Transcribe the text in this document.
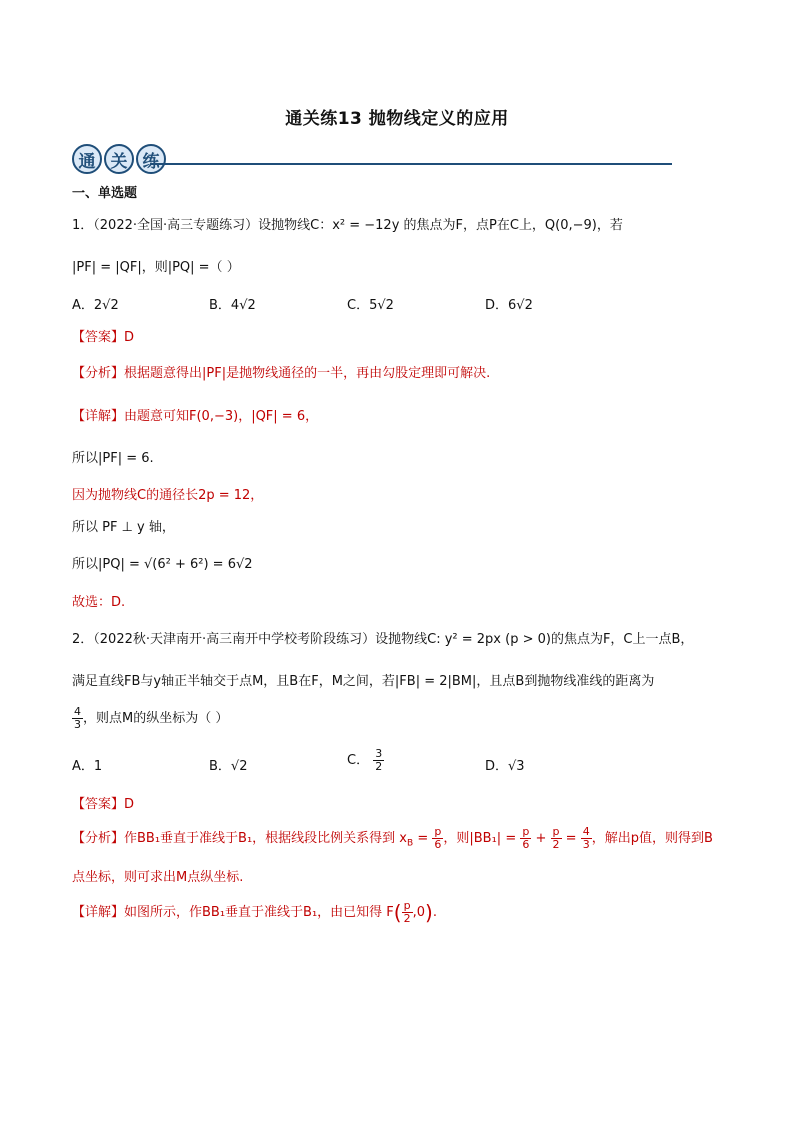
通关练13 抛物线定义的应用
通 关 练
一、单选题
1．（2022·全国·高三专题练习）设抛物线C：x² = −12y 的焦点为F，点P在C上，Q(0,−9)，若
|PF| = |QF|，则|PQ| =（ ）
A．2√2	B．4√2	C．5√2	D．6√2
【答案】D
【分析】根据题意得出|PF|是抛物线通径的一半，再由勾股定理即可解决.
【详解】由题意可知F(0,−3)，|QF| = 6，
所以|PF| = 6.
因为抛物线C的通径长2p = 12，
所以 PF ⊥ y 轴，
所以|PQ| = √(6² + 6²) = 6√2
故选：D.
2．（2022秋·天津南开·高三南开中学校考阶段练习）设抛物线C: y² = 2px (p > 0)的焦点为F，C上一点B，
满足直线FB与y轴正半轴交于点M，且B在F，M之间，若|FB| = 2|BM|，且点B到抛物线准线的距离为
$\frac{4}{3}$ ，则点M的纵坐标为（ ）
A．1	B．√2	C． $\frac{3}{2}$	D．√3
【答案】D
【分析】作BB₁垂直于准线于B₁，根据线段比例关系得到 $x_B = \frac{p}{6}$ ，则$|BB_1| = \frac{p}{6} + \frac{p}{2} = \frac{4}{3}$ ，解出p值，则得到B
点坐标，则可求出M点纵坐标.
【详解】如图所示，作BB₁垂直于准线于B₁，由已知得 $F( \frac{p}{2} ,0)$.
